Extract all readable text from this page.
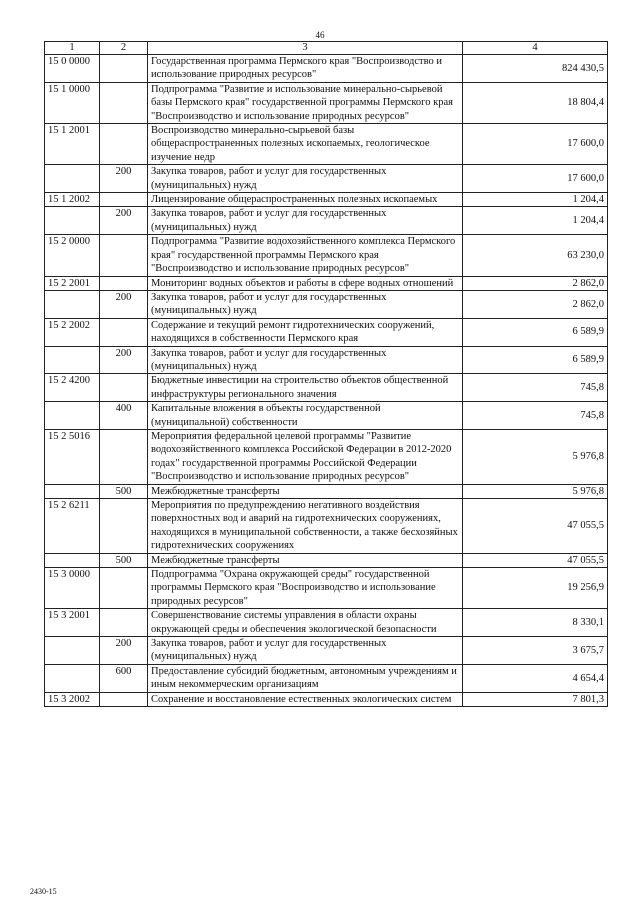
46
1	2	3	4
15 0 0000		Государственная программа Пермского края "Воспроизводство и использование природных ресурсов"	824 430,5
15 1 0000		Подпрограмма "Развитие и использование минерально-сырьевой базы Пермского края" государственной программы Пермского края "Воспроизводство и использование природных ресурсов"	18 804,4
15 1 2001		Воспроизводство минерально-сырьевой базы общераспространенных полезных ископаемых, геологическое изучение недр	17 600,0
	200	Закупка товаров, работ и услуг для государственных (муниципальных) нужд	17 600,0
15 1 2002		Лицензирование общераспространенных полезных ископаемых	1 204,4
	200	Закупка товаров, работ и услуг для государственных (муниципальных) нужд	1 204,4
15 2 0000		Подпрограмма "Развитие водохозяйственного комплекса Пермского края" государственной программы Пермского края "Воспроизводство и использование природных ресурсов"	63 230,0
15 2 2001		Мониторинг водных объектов и работы в сфере водных отношений	2 862,0
	200	Закупка товаров, работ и услуг для государственных (муниципальных) нужд	2 862,0
15 2 2002		Содержание и текущий ремонт гидротехнических сооружений, находящихся в собственности Пермского края	6 589,9
	200	Закупка товаров, работ и услуг для государственных (муниципальных) нужд	6 589,9
15 2 4200		Бюджетные инвестиции на строительство объектов общественной инфраструктуры регионального значения	745,8
	400	Капитальные вложения в объекты государственной (муниципальной) собственности	745,8
15 2 5016		Мероприятия федеральной целевой программы "Развитие водохозяйственного комплекса Российской Федерации в 2012-2020 годах" государственной программы Российской Федерации "Воспроизводство и использование природных ресурсов"	5 976,8
	500	Межбюджетные трансферты	5 976,8
15 2 6211		Мероприятия по предупреждению негативного воздействия поверхностных вод и аварий на гидротехнических сооружениях, находящихся в муниципальной собственности, а также бесхозяйных гидротехнических сооружениях	47 055,5
	500	Межбюджетные трансферты	47 055,5
15 3 0000		Подпрограмма "Охрана окружающей среды" государственной программы Пермского края "Воспроизводство и использование природных ресурсов"	19 256,9
15 3 2001		Совершенствование системы управления в области охраны окружающей среды и обеспечения экологической безопасности	8 330,1
	200	Закупка товаров, работ и услуг для государственных (муниципальных) нужд	3 675,7
	600	Предоставление субсидий бюджетным, автономным учреждениям и иным некоммерческим организациям	4 654,4
15 3 2002		Сохранение и восстановление естественных экологических систем	7 801,3
2430-15
